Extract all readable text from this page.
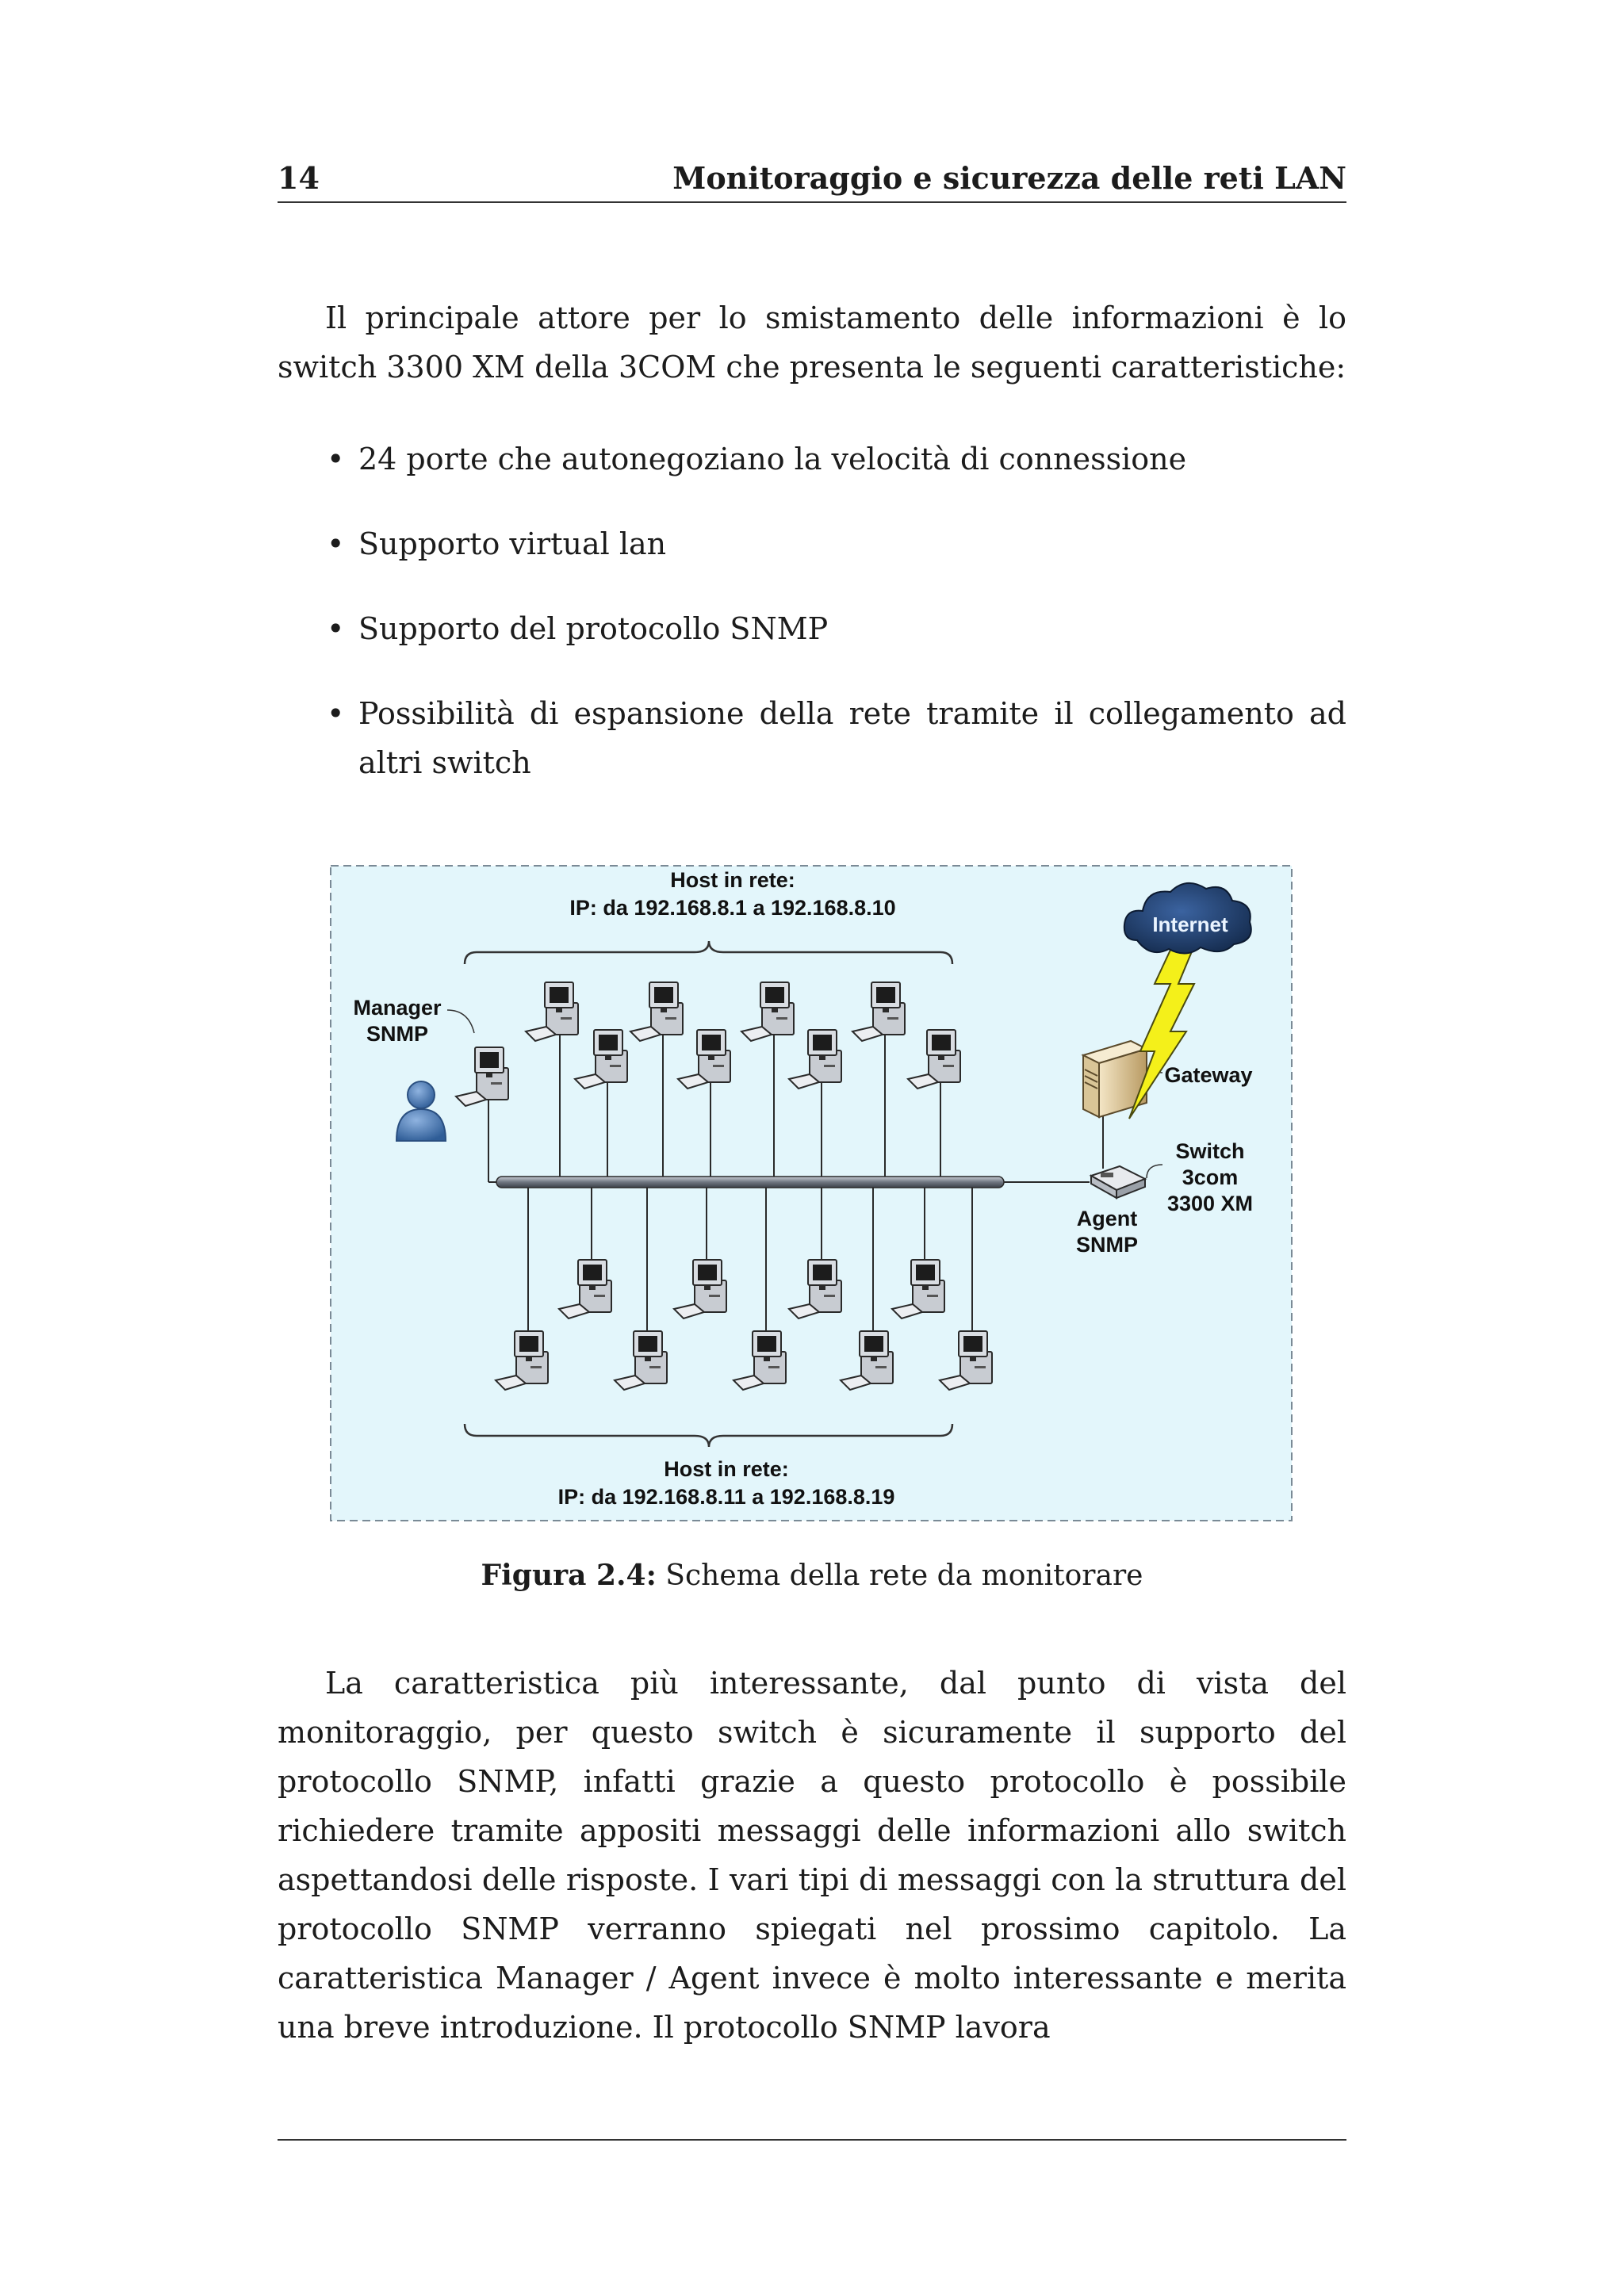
14	Monitoraggio e sicurezza delle reti LAN

Il principale attore per lo smistamento delle informazioni è lo switch 3300 XM della 3COM che presenta le seguenti caratteristiche:

• 24 porte che autonegoziano la velocità di connessione
• Supporto virtual lan
• Supporto del protocollo SNMP
• Possibilità di espansione della rete tramite il collegamento ad altri switch
Host in rete:
IP: da 192.168.8.1 a 192.168.8.10
Manager
SNMP
Internet
Gateway
Switch
3com
3300 XM
Agent
SNMP
Host in rete:
IP: da 192.168.8.11 a 192.168.8.19
Figura 2.4: Schema della rete da monitorare

La caratteristica più interessante, dal punto di vista del monitoraggio, per questo switch è sicuramente il supporto del protocollo SNMP, infatti grazie a questo protocollo è possibile richiedere tramite appositi messaggi delle informazioni allo switch aspettandosi delle risposte. I vari tipi di messaggi con la struttura del protocollo SNMP verranno spiegati nel prossimo capitolo. La caratteristica Manager / Agent invece è molto interessante e merita una breve introduzione. Il protocollo SNMP lavora
